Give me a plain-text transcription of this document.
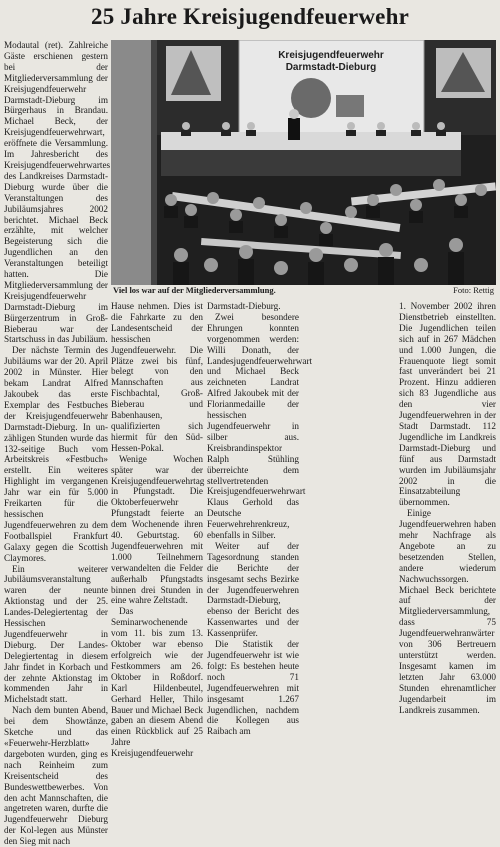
25 Jahre Kreisjugendfeuerwehr

Modautal (ret). Zahlreiche Gäste erschienen gestern bei der Mitgliederversammlung der Kreisjugendfeuerwehr Darmstadt-Dieburg im Bürgerhaus in Brandau. Michael Beck, der Kreisjugendfeuerwehrwart, eröffnete die Versammlung. Im Jahresbericht des Kreisjugendfeuerwehrwartes des Landkreises Darmstadt-Dieburg wurde über die Veranstaltungen des Jubiläumsjahres 2002 berichtet. Michael Beck erzählte, mit welcher Begeisterung sich die Jugendlichen an den Veranstaltungen beteiligt hatten. Die Mitgliederversammlung der Kreisjugendfeuerwehr Darmstadt-Dieburg im Bürgerzentrum in Groß-Bieberau war der Startschuss in das Jubiläum.

Der nächste Termin des Jubiläums war der 20. April 2002 in Münster. Hier bekam Landrat Alfred Jakoubek das erste Exemplar des Festbuches der Kreisjugendfeuerwehr Darmstadt-Dieburg. In un-zähligen Stunden wurde das 132-seitige Buch vom Arbeitskreis «Festbuch» erstellt. Ein weiteres Highlight im vergangenen Jahr war ein für 5.000 Freikarten für die hessischen Jugendfeuerwehren zu dem Footballspiel Frankfurt Galaxy gegen die Scottish Claymores.

Ein weiterer Jubiläumsveranstaltung waren der neunte Aktionstag und der 25. Landes-Delegiertentag der Hessischen Jugendfeuerwehr in Dieburg. Der Landes-Delegiertentag in diesem Jahr findet in Korbach und der zehnte Aktionstag im kommenden Jahr in Michelstadt statt.

Nach dem bunten Abend, bei dem Showtänze, Sketche und das «Feuerwehr-Herzblatt» dargeboten wurden, ging es nach Reinheim zum Kreisentscheid des Bundeswettbewerbes. Von den acht Mannschaften, die angetreten waren, durfte die Jugendfeuerwehr Dieburg der Kol-legen aus Münster den Sieg mit nach

Kreisjugendfeuerwehr
Darmstadt-Dieburg
Viel los war auf der Mitgliederversammlung.	Foto: Rettig

Hause nehmen. Dies ist die Fahrkarte zu den Landesentscheid der hessischen Jugendfeuerwehr. Die Plätze zwei bis fünf, belegt von den Mannschaften aus Fischbachtal, Groß-Bieberau und Babenhausen, qualifizierten sich hiermit für den Süd-Hessen-Pokal.

Wenige Wochen später war der Kreisjugendfeuerwehrtag in Pfungstadt. Die Oktoberfeuerwehr Pfungstadt feierte an dem Wochenende ihren 40. Geburtstag. 60 Jugendfeuerwehren mit 1.000 Teilnehmern verwandelten die Felder außerhalb Pfungstadts binnen drei Stunden in eine wahre Zeltstadt.

Das Seminarwochenende vom 11. bis zum 13. Oktober war ebenso erfolgreich wie der Festkommers am 26. Oktober in Roßdorf. Karl Hildenbeutel, Gerhard Heller, Thilo Bauer und Michael Beck gaben an diesem Abend einen Rückblick auf 25 Jahre Kreisjugendfeuerwehr

Darmstadt-Dieburg.

Zwei besondere Ehrungen konnten vorgenommen werden: Willi Donath, der Landesjugendfeuerwehrwart und Michael Beck zeichneten Landrat Alfred Jakoubek mit der Florianmedaille der hessischen Jugendfeuerwehr in silber aus. Kreisbrandinspektor Ralph Stühling überreichte dem stellvertretenden Kreisjugendfeuerwehrwart Klaus Gerhold das Deutsche Feuerwehrehrenkreuz, ebenfalls in Silber.

Weiter auf der Tagesordnung standen die Berichte der insgesamt sechs Bezirke der Jugendfeuerwehren Darmstadt-Dieburg, ebenso der Bericht des Kassenwartes und der Kassenprüfer.

Die Statistik der Jugendfeuerwehr ist wie folgt: Es bestehen heute noch 71 Jugendfeuerwehren mit insgesamt 1.267 Jugendlichen, nachdem die Kollegen aus Raibach am

1. November 2002 ihren Dienstbetrieb einstellten. Die Jugendlichen teilen sich auf in 267 Mädchen und 1.000 Jungen, die Frauenquote liegt somit fast unverändert bei 21 Prozent. Hinzu addieren sich 83 Jugendliche aus den vier Jugendfeuerwehren in der Stadt Darmstadt. 112 Jugendliche im Landkreis Darmstadt-Dieburg und fünf aus Darmstadt wurden im Jubiläumsjahr 2002 in die Einsatzabteilung übernommen.

Einige Jugendfeuerwehren haben mehr Nachfrage als Angebote an zu besetzenden Stellen, andere wiederum Nachwuchssorgen. Michael Beck berichtete auf der Mitgliederversammlung, dass 75 Jugendfeuerwehranwärter von 306 Bertreuern unterstützt werden. Insgesamt kamen im letzten Jahr 63.000 Stunden ehrenamtlicher Jugendarbeit im Landkreis zusammen.
